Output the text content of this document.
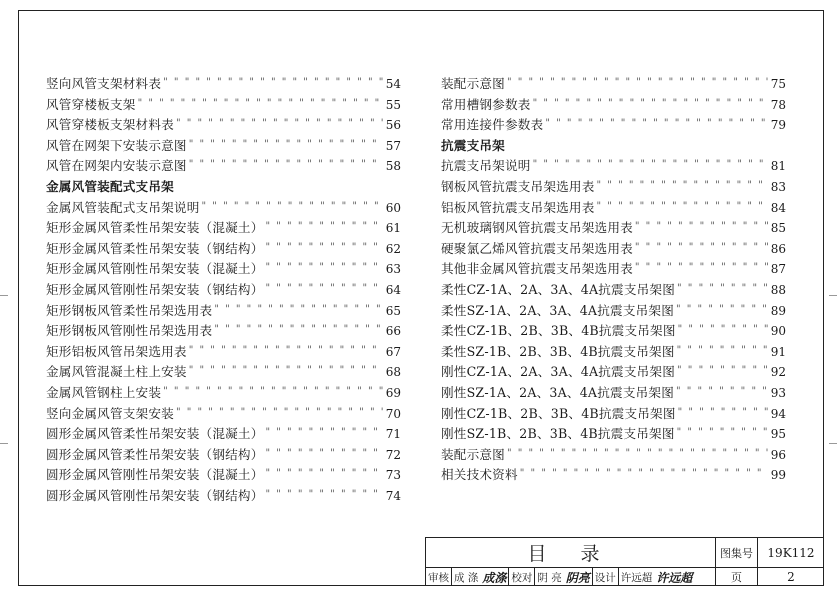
竖向风管支架材料表 " " " " " " " " " " " " " " " " " " " " " " " " " " " " " " " " " " " " " " " " " " " " " " " "	54
风管穿楼板支架 " " " " " " " " " " " " " " " " " " " " " " " " " " " " " " " " " " " " " " " " " " " " " " " "	55
风管穿楼板支架材料表 " " " " " " " " " " " " " " " " " " " " " " " " " " " " " " " " " " " " " " " " " " " " " " " "	56
风管在网架下安装示意图 " " " " " " " " " " " " " " " " " " " " " " " " " " " " " " " " " " " " " " " " " " " " " " " "	57
风管在网架内安装示意图 " " " " " " " " " " " " " " " " " " " " " " " " " " " " " " " " " " " " " " " " " " " " " " " "	58
金属风管装配式支吊架
金属风管装配式支吊架说明 " " " " " " " " " " " " " " " " " " " " " " " " " " " " " " " " " " " " " " " " " " " " " " " "	60
矩形金属风管柔性吊架安装（混凝土） " " " " " " " " " " " " " " " " " " " " " " " " " " " " " " " " " " " " " " " " " " " " " " " "	61
矩形金属风管柔性吊架安装（钢结构） " " " " " " " " " " " " " " " " " " " " " " " " " " " " " " " " " " " " " " " " " " " " " " " "	62
矩形金属风管刚性吊架安装（混凝土） " " " " " " " " " " " " " " " " " " " " " " " " " " " " " " " " " " " " " " " " " " " " " " " "	63
矩形金属风管刚性吊架安装（钢结构） " " " " " " " " " " " " " " " " " " " " " " " " " " " " " " " " " " " " " " " " " " " " " " " "	64
矩形钢板风管柔性吊架选用表 " " " " " " " " " " " " " " " " " " " " " " " " " " " " " " " " " " " " " " " " " " " " " " " "	65
矩形钢板风管刚性吊架选用表 " " " " " " " " " " " " " " " " " " " " " " " " " " " " " " " " " " " " " " " " " " " " " " " "	66
矩形铝板风管吊架选用表 " " " " " " " " " " " " " " " " " " " " " " " " " " " " " " " " " " " " " " " " " " " " " " " "	67
金属风管混凝土柱上安装 " " " " " " " " " " " " " " " " " " " " " " " " " " " " " " " " " " " " " " " " " " " " " " " "	68
金属风管钢柱上安装 " " " " " " " " " " " " " " " " " " " " " " " " " " " " " " " " " " " " " " " " " " " " " " " "	69
竖向金属风管支架安装 " " " " " " " " " " " " " " " " " " " " " " " " " " " " " " " " " " " " " " " " " " " " " " " "	70
圆形金属风管柔性吊架安装（混凝土） " " " " " " " " " " " " " " " " " " " " " " " " " " " " " " " " " " " " " " " " " " " " " " " "	71
圆形金属风管柔性吊架安装（钢结构） " " " " " " " " " " " " " " " " " " " " " " " " " " " " " " " " " " " " " " " " " " " " " " " "	72
圆形金属风管刚性吊架安装（混凝土） " " " " " " " " " " " " " " " " " " " " " " " " " " " " " " " " " " " " " " " " " " " " " " " "	73
圆形金属风管刚性吊架安装（钢结构） " " " " " " " " " " " " " " " " " " " " " " " " " " " " " " " " " " " " " " " " " " " " " " " "	74
装配示意图 " " " " " " " " " " " " " " " " " " " " " " " " " " " " " " " " " " " " " " " " " " " " " " " "	75
常用槽钢参数表 " " " " " " " " " " " " " " " " " " " " " " " " " " " " " " " " " " " " " " " " " " " " " " " "	78
常用连接件参数表 " " " " " " " " " " " " " " " " " " " " " " " " " " " " " " " " " " " " " " " " " " " " " " " "	79
抗震支吊架
抗震支吊架说明 " " " " " " " " " " " " " " " " " " " " " " " " " " " " " " " " " " " " " " " " " " " " " " " "	81
钢板风管抗震支吊架选用表 " " " " " " " " " " " " " " " " " " " " " " " " " " " " " " " " " " " " " " " " " " " " " " " "	83
铝板风管抗震支吊架选用表 " " " " " " " " " " " " " " " " " " " " " " " " " " " " " " " " " " " " " " " " " " " " " " " "	84
无机玻璃钢风管抗震支吊架选用表 " " " " " " " " " " " " " " " " " " " " " " " " " " " " " " " " " " " " " " " " " " " " " " " "	85
硬聚氯乙烯风管抗震支吊架选用表 " " " " " " " " " " " " " " " " " " " " " " " " " " " " " " " " " " " " " " " " " " " " " " " "	86
其他非金属风管抗震支吊架选用表 " " " " " " " " " " " " " " " " " " " " " " " " " " " " " " " " " " " " " " " " " " " " " " " "	87
柔性CZ-1A、2A、3A、4A抗震支吊架图 " " " " " " " " " " " " " " " " " " " " " " " " " " " " " " " " " " " " " " " " " " " " " " " "	88
柔性SZ-1A、2A、3A、4A抗震支吊架图 " " " " " " " " " " " " " " " " " " " " " " " " " " " " " " " " " " " " " " " " " " " " " " " "	89
柔性CZ-1B、2B、3B、4B抗震支吊架图 " " " " " " " " " " " " " " " " " " " " " " " " " " " " " " " " " " " " " " " " " " " " " " " "	90
柔性SZ-1B、2B、3B、4B抗震支吊架图 " " " " " " " " " " " " " " " " " " " " " " " " " " " " " " " " " " " " " " " " " " " " " " " "	91
刚性CZ-1A、2A、3A、4A抗震支吊架图 " " " " " " " " " " " " " " " " " " " " " " " " " " " " " " " " " " " " " " " " " " " " " " " "	92
刚性SZ-1A、2A、3A、4A抗震支吊架图 " " " " " " " " " " " " " " " " " " " " " " " " " " " " " " " " " " " " " " " " " " " " " " " "	93
刚性CZ-1B、2B、3B、4B抗震支吊架图 " " " " " " " " " " " " " " " " " " " " " " " " " " " " " " " " " " " " " " " " " " " " " " " "	94
刚性SZ-1B、2B、3B、4B抗震支吊架图 " " " " " " " " " " " " " " " " " " " " " " " " " " " " " " " " " " " " " " " " " " " " " " " "	95
装配示意图 " " " " " " " " " " " " " " " " " " " " " " " " " " " " " " " " " " " " " " " " " " " " " " " "	96
相关技术资料 " " " " " " " " " " " " " " " " " " " " " " " " " " " " " " " " " " " " " " " " " " " " " " " "	99
目 录	图集号	19K112
审核 成 涤 成涤 校对 阴 亮 阴亮 设计 许远超 许远超	页	2
